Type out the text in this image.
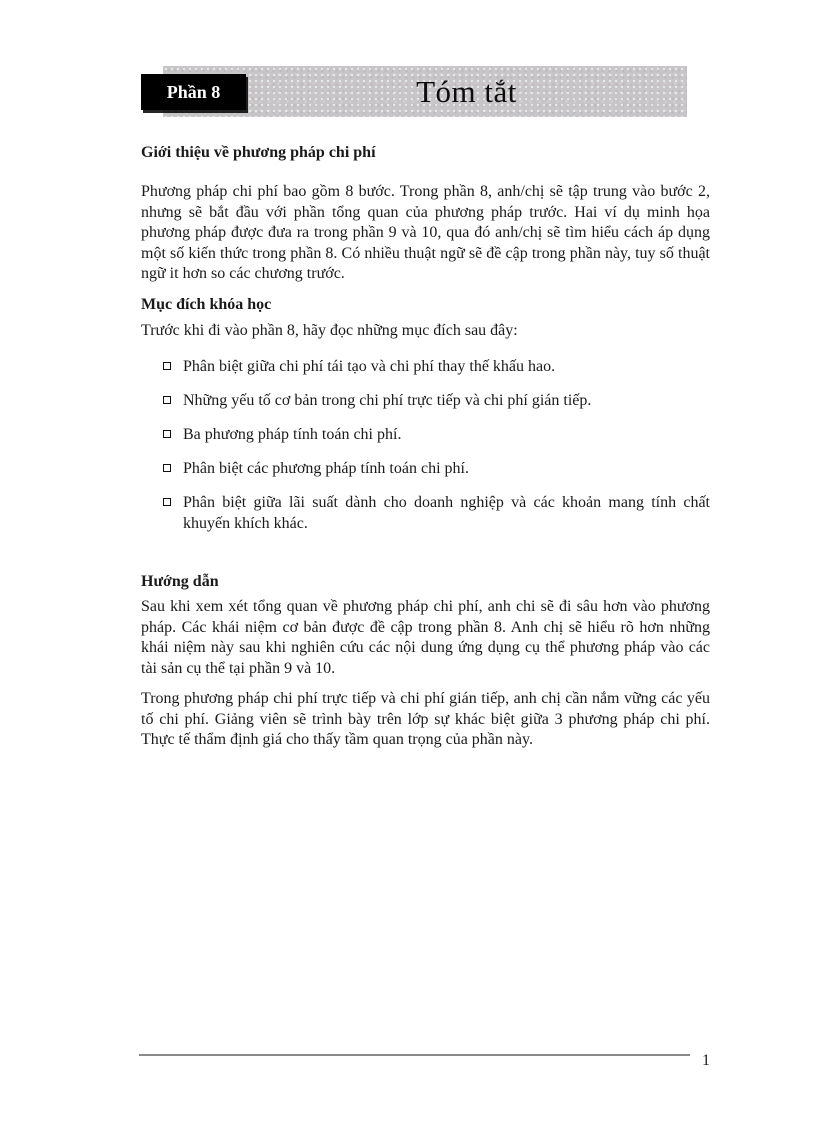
Tóm tắt
Phần 8
Giới thiệu về phương pháp chi phí
Phương pháp chi phí bao gồm 8 bước. Trong phần 8, anh/chị sẽ tập trung vào bước 2, nhưng sẽ bắt đầu với phần tổng quan của phương pháp trước. Hai ví dụ minh họa phương pháp được đưa ra trong phần 9 và 10, qua đó anh/chị sẽ tìm hiểu cách áp dụng một số kiến thức trong phần 8. Có nhiều thuật ngữ sẽ đề cập trong phần này, tuy số thuật ngữ it hơn so các chương trước.
Mục đích khóa học
Trước khi đi vào phần 8, hãy đọc những mục đích sau đây:
Phân biệt giữa chi phí tái tạo và chi phí thay thế khấu hao.
Những yếu tố cơ bản trong chi phí trực tiếp và chi phí gián tiếp.
Ba phương pháp tính toán chi phí.
Phân biệt các phương pháp tính toán chi phí.
Phân biệt giữa lãi suất dành cho doanh nghiệp và các khoản mang tính chất khuyến khích khác.
Hướng dẫn
Sau khi xem xét tổng quan về phương pháp chi phí, anh chi sẽ đi sâu hơn vào phương pháp. Các khái niệm cơ bản được đề cập trong phần 8. Anh chị sẽ hiểu rõ hơn những khái niệm này sau khi nghiên cứu các nội dung ứng dụng cụ thể phương pháp vào các tài sản cụ thể tại phần 9 và 10.
Trong phương pháp chi phí trực tiếp và chi phí gián tiếp, anh chị cần nắm vững các yếu tố chi phí. Giảng viên sẽ trình bày trên lớp sự khác biệt giữa 3 phương pháp chi phí. Thực tế thẩm định giá cho thấy tầm quan trọng của phần này.
1
